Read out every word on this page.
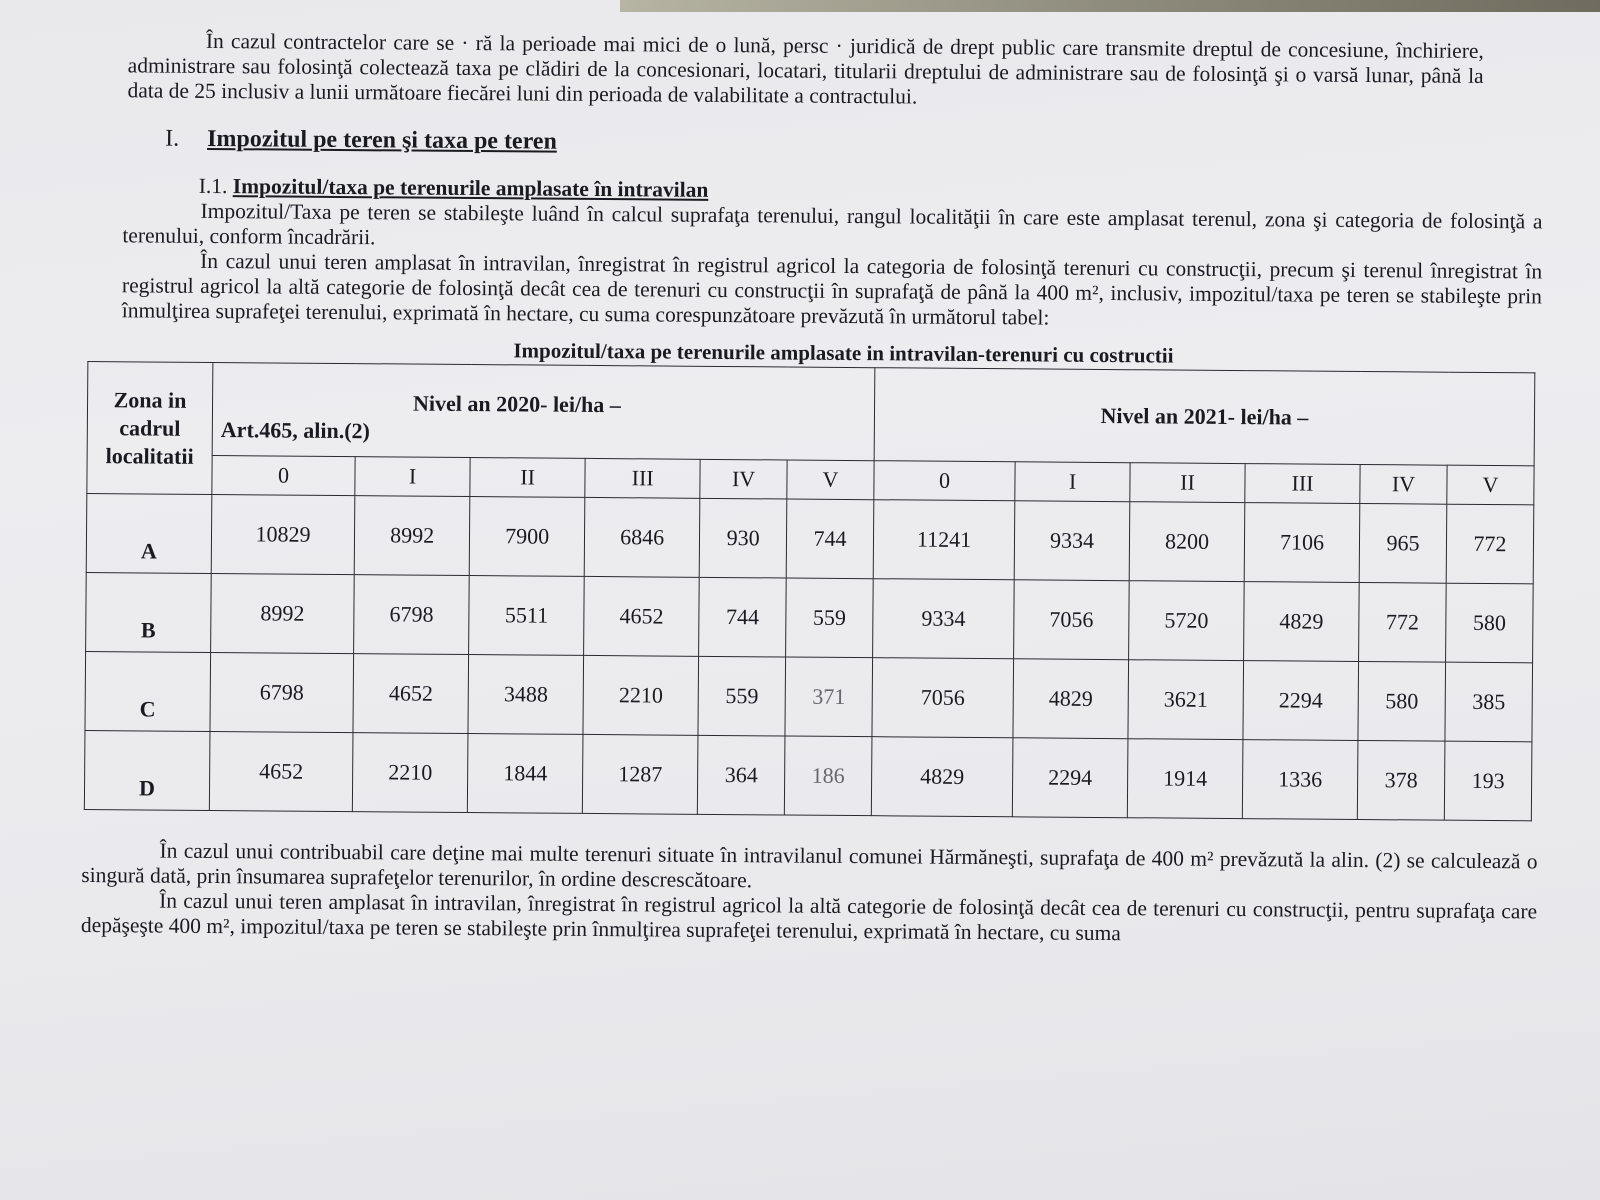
În cazul contractelor care se · ră la perioade mai mici de o lună, persc · juridică de drept public care transmite dreptul de concesiune, închiriere, administrare sau folosinţă colectează taxa pe clădiri de la concesionari, locatari, titularii dreptului de administrare sau de folosinţă şi o varsă lunar, până la data de 25 inclusiv a lunii următoare fiecărei luni din perioada de valabilitate a contractului.

I. Impozitul pe teren şi taxa pe teren
I.1. Impozitul/taxa pe terenurile amplasate în intravilan

Impozitul/Taxa pe teren se stabileşte luând în calcul suprafaţa terenului, rangul localităţii în care este amplasat terenul, zona şi categoria de folosinţă a terenului, conform încadrării.

În cazul unui teren amplasat în intravilan, înregistrat în registrul agricol la categoria de folosinţă terenuri cu construcţii, precum şi terenul înregistrat în registrul agricol la altă categorie de folosinţă decât cea de terenuri cu construcţii în suprafaţă de până la 400 m², inclusiv, impozitul/taxa pe teren se stabileşte prin înmulţirea suprafeţei terenului, exprimată în hectare, cu suma corespunzătoare prevăzută în următorul tabel:

Impozitul/taxa pe terenurile amplasate in intravilan-terenuri cu costructii
Zona in cadrul localitatii	Nivel an 2020- lei/ha –
Art.465, alin.(2)						Nivel an 2021- lei/ha –					
	0	I	II	III	IV	V	0	I	II	III	IV	V
A	10829	8992	7900	6846	930	744	11241	9334	8200	7106	965	772
B	8992	6798	5511	4652	744	559	9334	7056	5720	4829	772	580
C	6798	4652	3488	2210	559	371	7056	4829	3621	2294	580	385
D	4652	2210	1844	1287	364	186	4829	2294	1914	1336	378	193

În cazul unui contribuabil care deţine mai multe terenuri situate în intravilanul comunei Hărmăneşti, suprafaţa de 400 m² prevăzută la alin. (2) se calculează o singură dată, prin însumarea suprafeţelor terenurilor, în ordine descrescătoare.

În cazul unui teren amplasat în intravilan, înregistrat în registrul agricol la altă categorie de folosinţă decât cea de terenuri cu construcţii, pentru suprafaţa care depăşeşte 400 m², impozitul/taxa pe teren se stabileşte prin înmulţirea suprafeţei terenului, exprimată în hectare, cu suma
